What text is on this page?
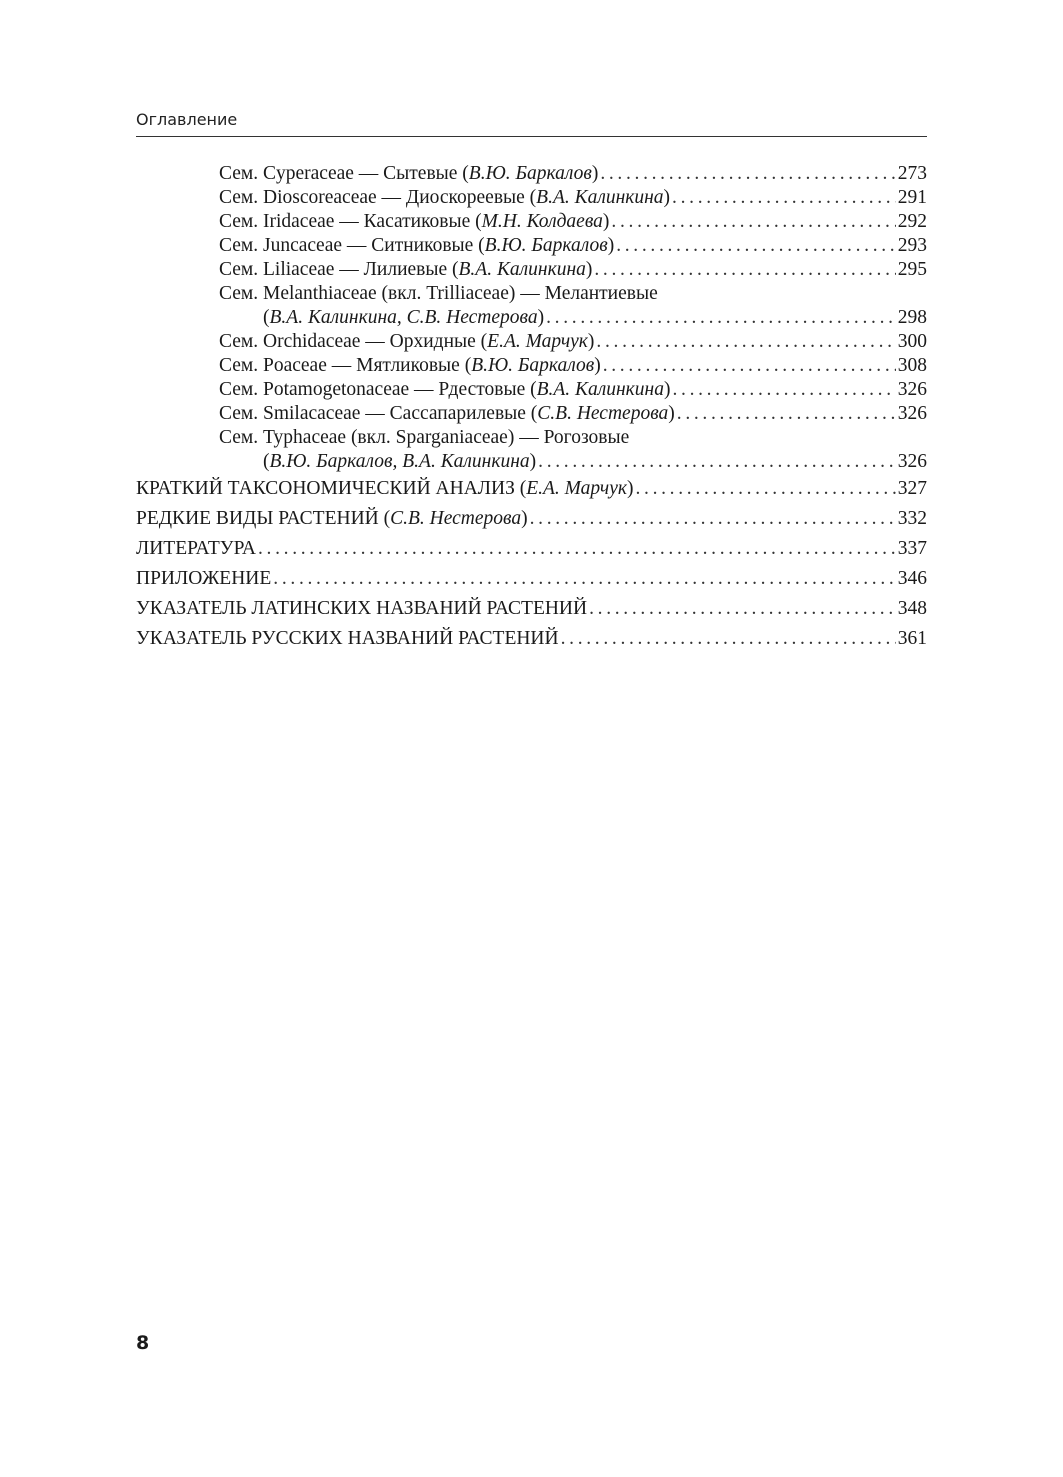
Оглавление
Сем. Cyperaceae — Сытевые (В.Ю. Баркалов) . . .	273
Сем. Dioscoreaceae — Диоскореевые (В.А. Калинкина) . . .	291
Сем. Iridaceae — Касатиковые (М.Н. Колдаева) . . .	292
Сем. Juncaceae — Ситниковые (В.Ю. Баркалов) . . .	293
Сем. Liliaceae — Лилиевые (В.А. Калинкина) . . .	295
Сем. Melanthiaceae (вкл. Trilliaceae) — Мелантиевые
(В.А. Калинкина, С.В. Нестерова) . . .	298
Сем. Orchidaceae — Орхидные (Е.А. Марчук) . . .	300
Сем. Poaceae — Мятликовые (В.Ю. Баркалов) . . .	308
Сем. Potamogetonaceae — Рдестовые (В.А. Калинкина) . . .	326
Сем. Smilacaceae — Сассапарилевые (С.В. Нестерова) . . .	326
Сем. Typhaceae (вкл. Sparganiaceae) — Рогозовые
(В.Ю. Баркалов, В.А. Калинкина) . . .	326
КРАТКИЙ ТАКСОНОМИЧЕСКИЙ АНАЛИЗ (Е.А. Марчук) . . .	327
РЕДКИЕ ВИДЫ РАСТЕНИЙ (С.В. Нестерова) . . .	332
ЛИТЕРАТУРА . . .	337
ПРИЛОЖЕНИЕ . . .	346
УКАЗАТЕЛЬ ЛАТИНСКИХ НАЗВАНИЙ РАСТЕНИЙ . . .	348
УКАЗАТЕЛЬ РУССКИХ НАЗВАНИЙ РАСТЕНИЙ . . .	361
8
